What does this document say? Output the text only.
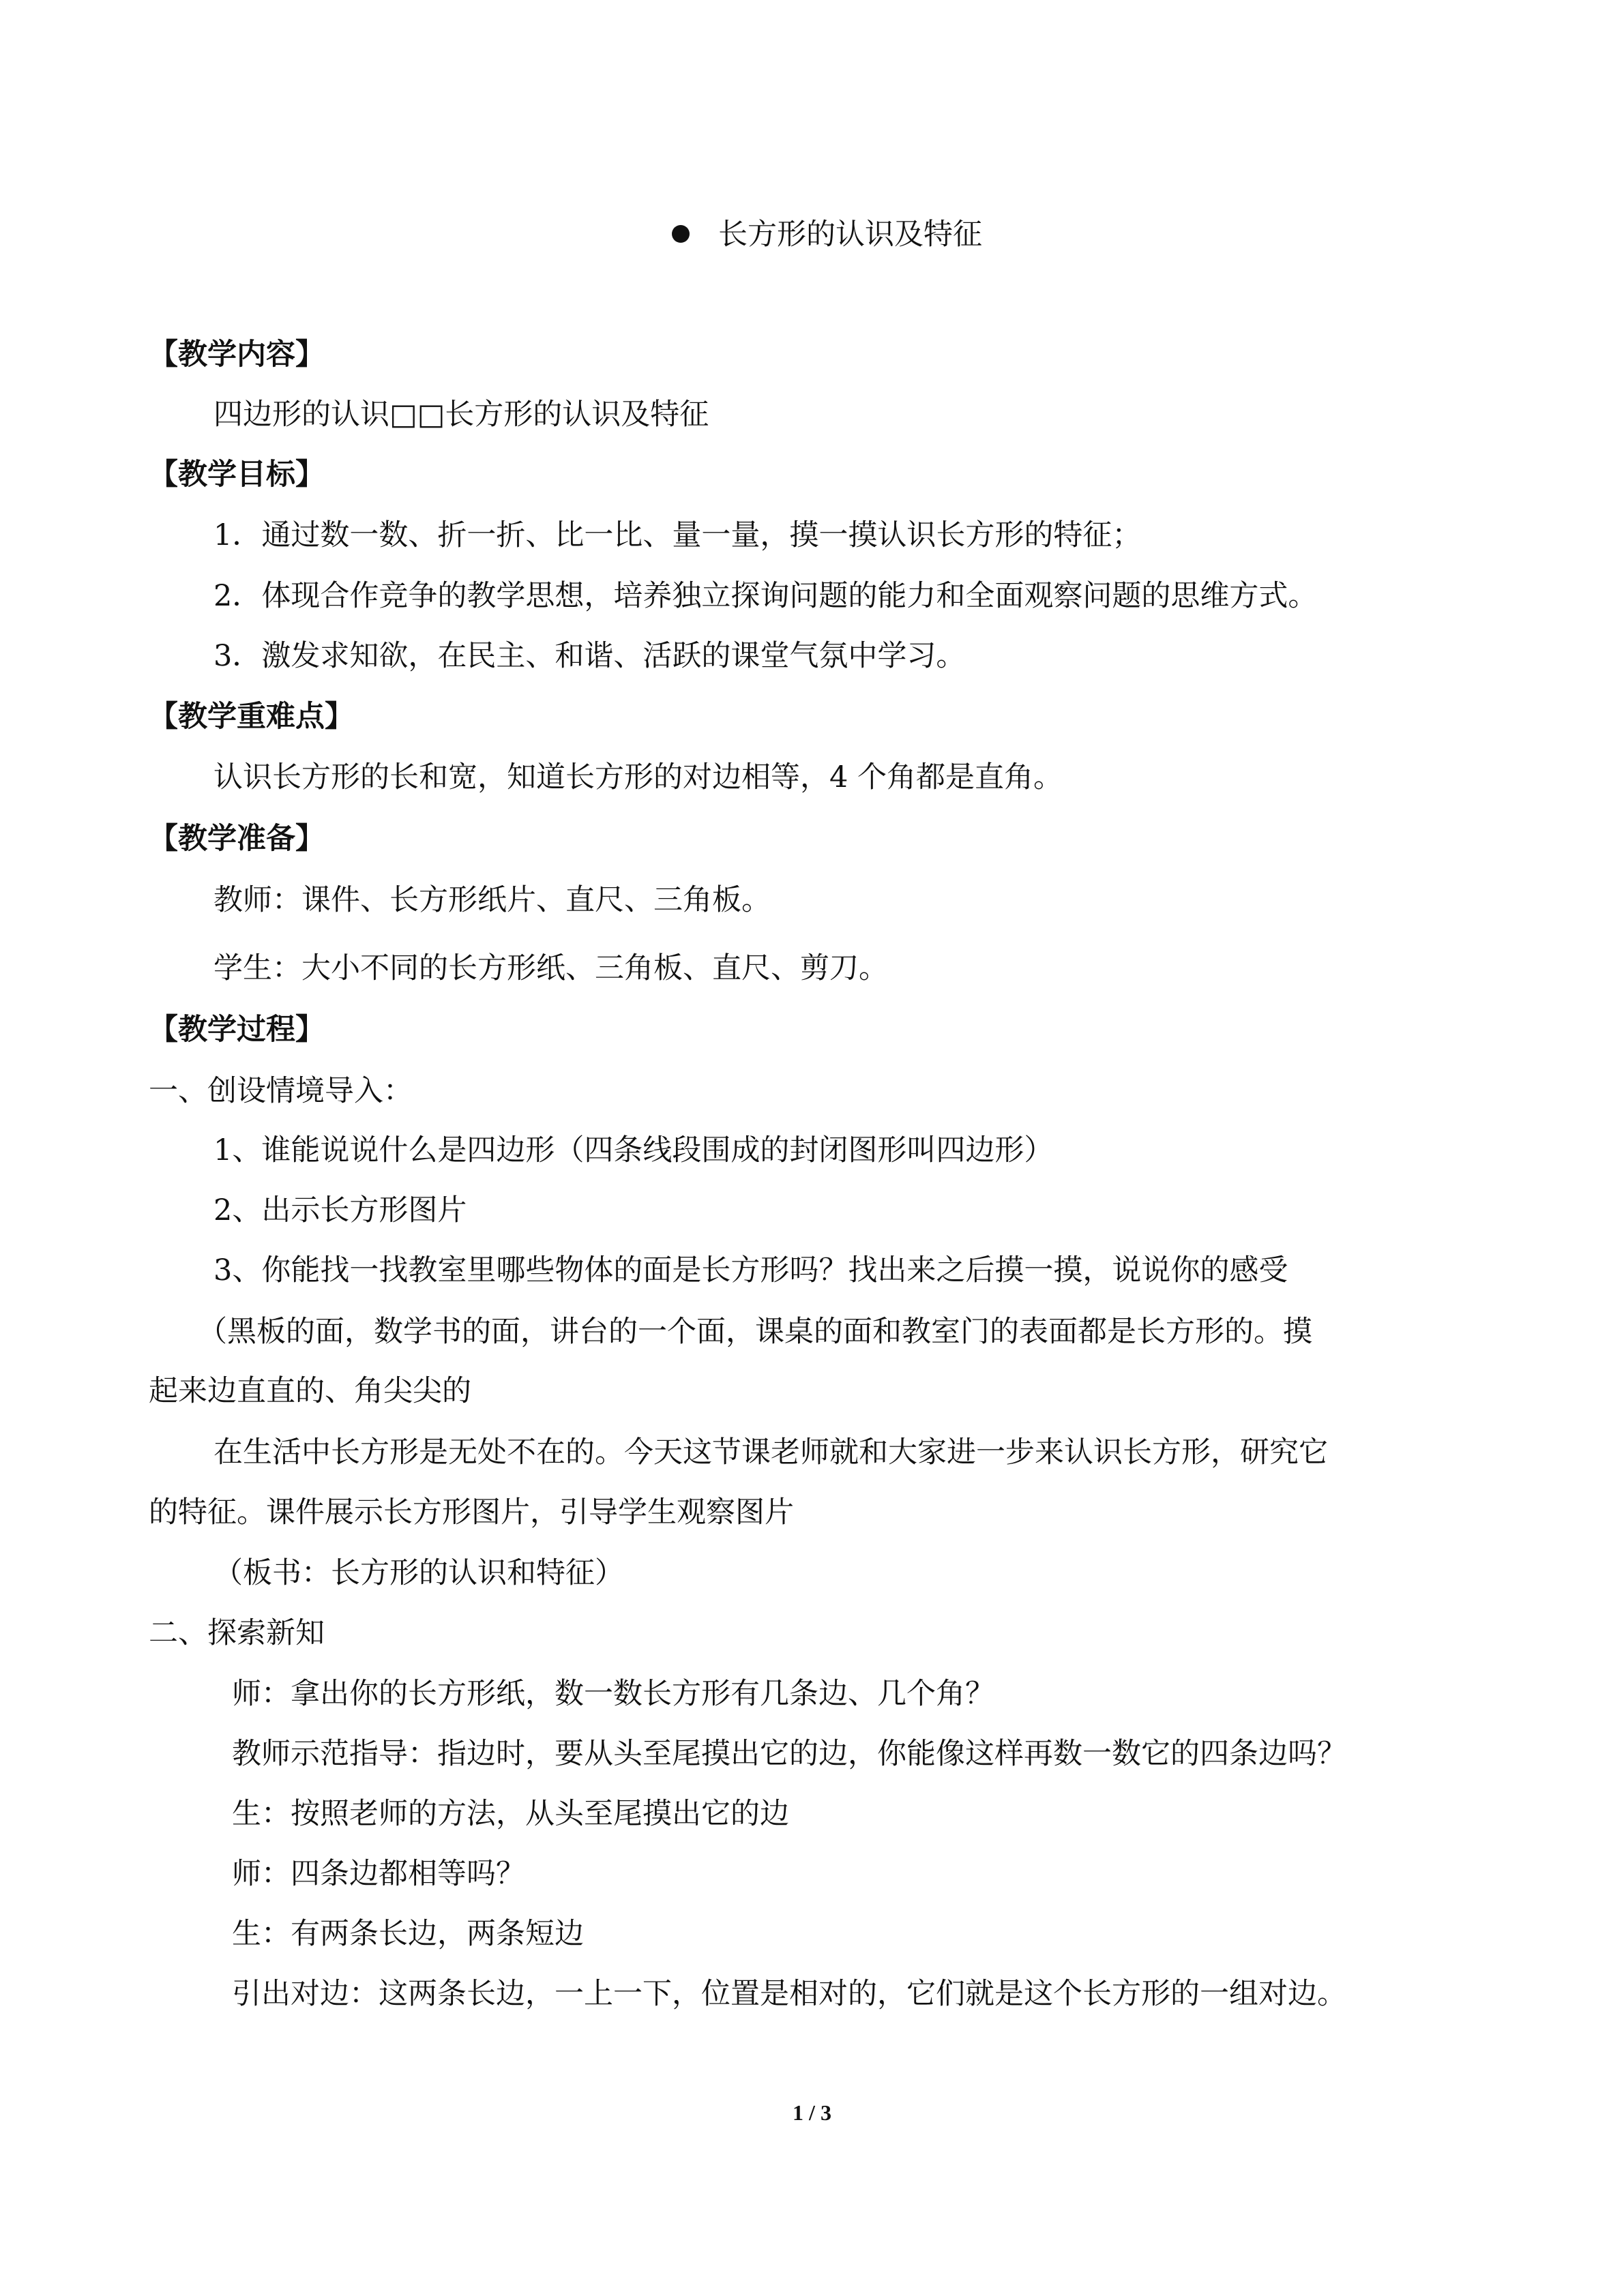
长方形的认识及特征
【教学内容】
四边形的认识□□长方形的认识及特征
【教学目标】
1．通过数一数、折一折、比一比、量一量，摸一摸认识长方形的特征；
2．体现合作竞争的教学思想，培养独立探询问题的能力和全面观察问题的思维方式。
3．激发求知欲，在民主、和谐、活跃的课堂气氛中学习。
【教学重难点】
认识长方形的长和宽，知道长方形的对边相等，4 个角都是直角。
【教学准备】
教师：课件、长方形纸片、直尺、三角板。
学生：大小不同的长方形纸、三角板、直尺、剪刀。
【教学过程】
一、创设情境导入：
1、谁能说说什么是四边形（四条线段围成的封闭图形叫四边形）
2、出示长方形图片
3、你能找一找教室里哪些物体的面是长方形吗？找出来之后摸一摸，说说你的感受
（黑板的面，数学书的面，讲台的一个面，课桌的面和教室门的表面都是长方形的。摸
起来边直直的、角尖尖的
在生活中长方形是无处不在的。今天这节课老师就和大家进一步来认识长方形，研究它
的特征。课件展示长方形图片，引导学生观察图片
（板书：长方形的认识和特征）
二、探索新知
师：拿出你的长方形纸，数一数长方形有几条边、几个角？
教师示范指导：指边时，要从头至尾摸出它的边，你能像这样再数一数它的四条边吗？
生：按照老师的方法，从头至尾摸出它的边
师：四条边都相等吗？
生：有两条长边，两条短边
引出对边：这两条长边，一上一下，位置是相对的，它们就是这个长方形的一组对边。
1 / 3
